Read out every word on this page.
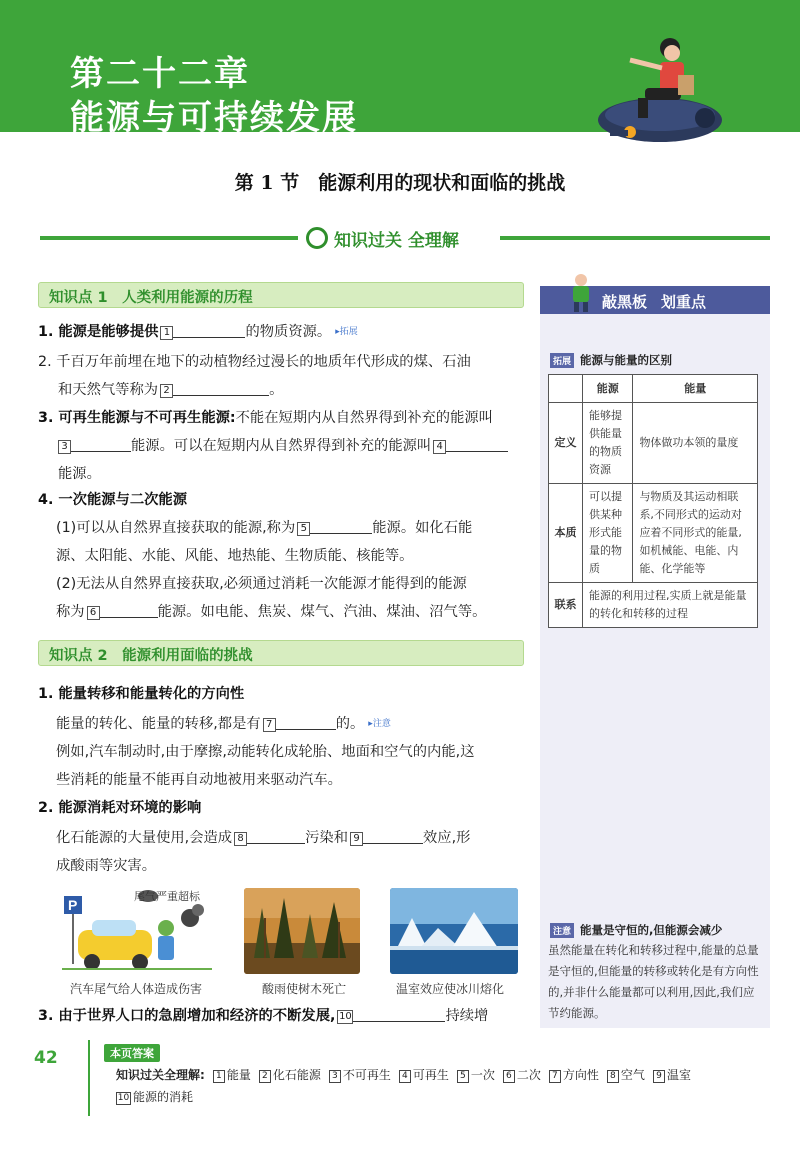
第二十二章
能源与可持续发展
第 1 节　能源利用的现状和面临的挑战
知识过关 全理解
知识点 1　人类利用能源的历程
1. 能源是能够提供 1	的物质资源。 ▸拓展
2. 千百万年前埋在地下的动植物经过漫长的地质年代形成的煤、石油
和天然气等称为 2	。
3. 可再生能源与不可再生能源:不能在短期内从自然界得到补充的能源叫
3	能源。可以在短期内从自然界得到补充的能源叫 4
能源。
4. 一次能源与二次能源
(1)可以从自然界直接获取的能源,称为 5	能源。如化石能
源、太阳能、水能、风能、地热能、生物质能、核能等。
(2)无法从自然界直接获取,必须通过消耗一次能源才能得到的能源
称为 6	能源。如电能、焦炭、煤气、汽油、煤油、沼气等。
知识点 2　能源利用面临的挑战
1. 能量转移和能量转化的方向性
能量的转化、能量的转移,都是有 7	的。 ▸注意
例如,汽车制动时,由于摩擦,动能转化成轮胎、地面和空气的内能,这
些消耗的能量不能再自动地被用来驱动汽车。
2. 能源消耗对环境的影响
化石能源的大量使用,会造成 8	污染和 9	效应,形
成酸雨等灾害。
P
尾气严重超标
汽车尾气给人体造成伤害	酸雨使树木死亡	温室效应使冰川熔化
3. 由于世界人口的急剧增加和经济的不断发展, 10	持续增
敲黑板 划重点
拓展 能源与能量的区别
	能源	能量
定义	能够提供能量的物质资源	物体做功本领的量度
本质	可以提供某种形式能量的物质	与物质及其运动相联系,不同形式的运动对应着不同形式的能量,如机械能、电能、内能、化学能等
联系	能源的利用过程,实质上就是能量的转化和转移的过程	
注意 能量是守恒的,但能源会减少
虽然能量在转化和转移过程中,能量的总量是守恒的,但能量的转移或转化是有方向性的,并非什么能量都可以利用,因此,我们应节约能源。
42	本页答案
知识过关全理解: 1 能量 2 化石能源 3 不可再生 4 可再生 5 一次 6 二次 7 方向性 8 空气 9 温室
10 能源的消耗
